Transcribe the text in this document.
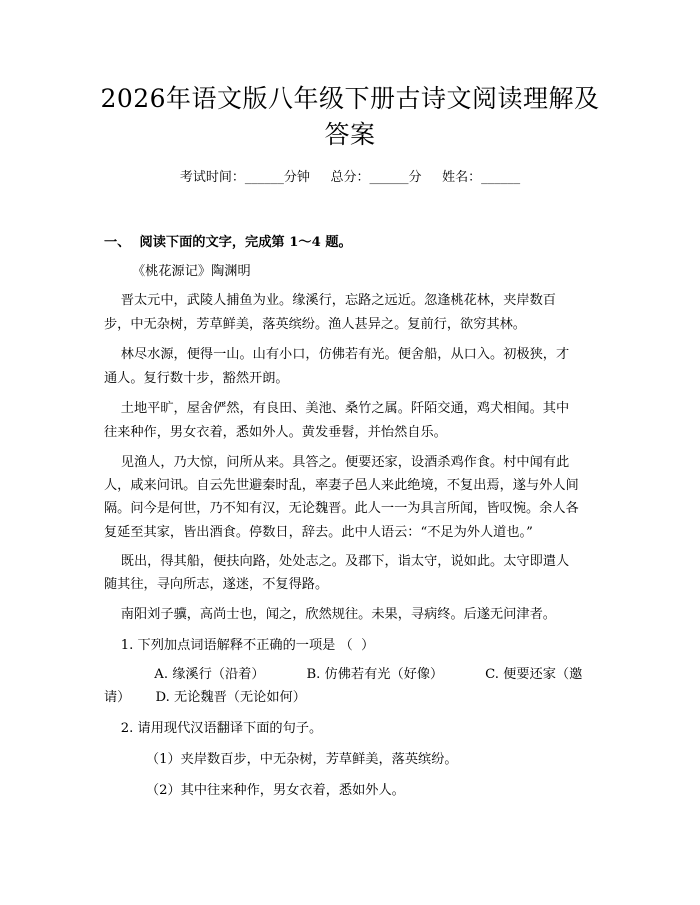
2026年语文版八年级下册古诗文阅读理解及
答案
考试时间：______分钟     总分：______分     姓名：______
一、  阅读下面的文字，完成第 1～4 题。
《桃花源记》陶渊明
晋太元中，武陵人捕鱼为业。缘溪行，忘路之远近。忽逢桃花林，夹岸数百
步，中无杂树，芳草鲜美，落英缤纷。渔人甚异之。复前行，欲穷其林。
林尽水源，便得一山。山有小口，仿佛若有光。便舍船，从口入。初极狭，才
通人。复行数十步，豁然开朗。
土地平旷，屋舍俨然，有良田、美池、桑竹之属。阡陌交通，鸡犬相闻。其中
往来种作，男女衣着，悉如外人。黄发垂髫，并怡然自乐。
见渔人，乃大惊，问所从来。具答之。便要还家，设酒杀鸡作食。村中闻有此
人，咸来问讯。自云先世避秦时乱，率妻子邑人来此绝境，不复出焉，遂与外人间
隔。问今是何世，乃不知有汉，无论魏晋。此人一一为具言所闻，皆叹惋。余人各
复延至其家，皆出酒食。停数日，辞去。此中人语云：“不足为外人道也。”
既出，得其船，便扶向路，处处志之。及郡下，诣太守，说如此。太守即遣人
随其往，寻向所志，遂迷，不复得路。
南阳刘子骥，高尚士也，闻之，欣然规往。未果，寻病终。后遂无问津者。
1. 下列加点词语解释不正确的一项是 （  ）
A. 缘溪行（沿着）          B. 仿佛若有光（好像）          C. 便要还家（邀
请）      D. 无论魏晋（无论如何）
2. 请用现代汉语翻译下面的句子。
（1）夹岸数百步，中无杂树，芳草鲜美，落英缤纷。
（2）其中往来种作，男女衣着，悉如外人。
